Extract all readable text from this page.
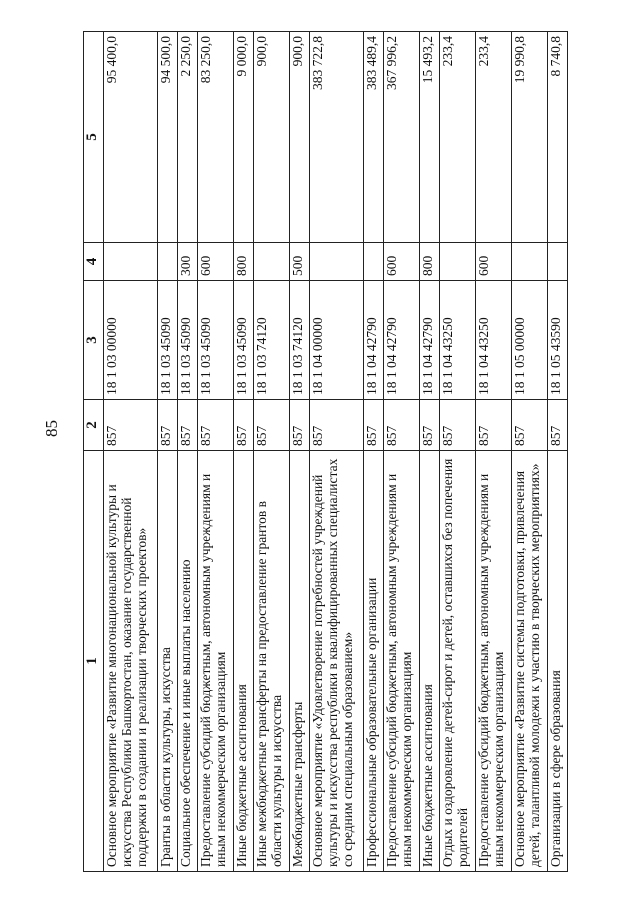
85
1	2	3	4	5
Основное мероприятие «Развитие многонациональной культуры и искусства Республики Башкортостан, оказание государственной поддержки в создании и реализации творческих проектов»	857	18 1 03 00000		95 400,0
Гранты в области культуры, искусства	857	18 1 03 45090		94 500,0
Социальное обеспечение и иные выплаты населению	857	18 1 03 45090	300	2 250,0
Предоставление субсидий бюджетным, автономным учреждениям и иным некоммерческим организациям	857	18 1 03 45090	600	83 250,0
Иные бюджетные ассигнования	857	18 1 03 45090	800	9 000,0
Иные межбюджетные трансферты на предоставление грантов в области культуры и искусства	857	18 1 03 74120		900,0
Межбюджетные трансферты	857	18 1 03 74120	500	900,0
Основное мероприятие «Удовлетворение потребностей учреждений культуры и искусства республики в квалифицированных специалистах со средним специальным образованием»	857	18 1 04 00000		383 722,8
Профессиональные образовательные организации	857	18 1 04 42790		383 489,4
Предоставление субсидий бюджетным, автономным учреждениям и иным некоммерческим организациям	857	18 1 04 42790	600	367 996,2
Иные бюджетные ассигнования	857	18 1 04 42790	800	15 493,2
Отдых и оздоровление детей-сирот и детей, оставшихся без попечения родителей	857	18 1 04 43250		233,4
Предоставление субсидий бюджетным, автономным учреждениям и иным некоммерческим организациям	857	18 1 04 43250	600	233,4
Основное мероприятие «Развитие системы подготовки, привлечения детей, талантливой молодежи к участию в творческих мероприятиях»	857	18 1 05 00000		19 990,8
Организации в сфере образования	857	18 1 05 43590		8 740,8
